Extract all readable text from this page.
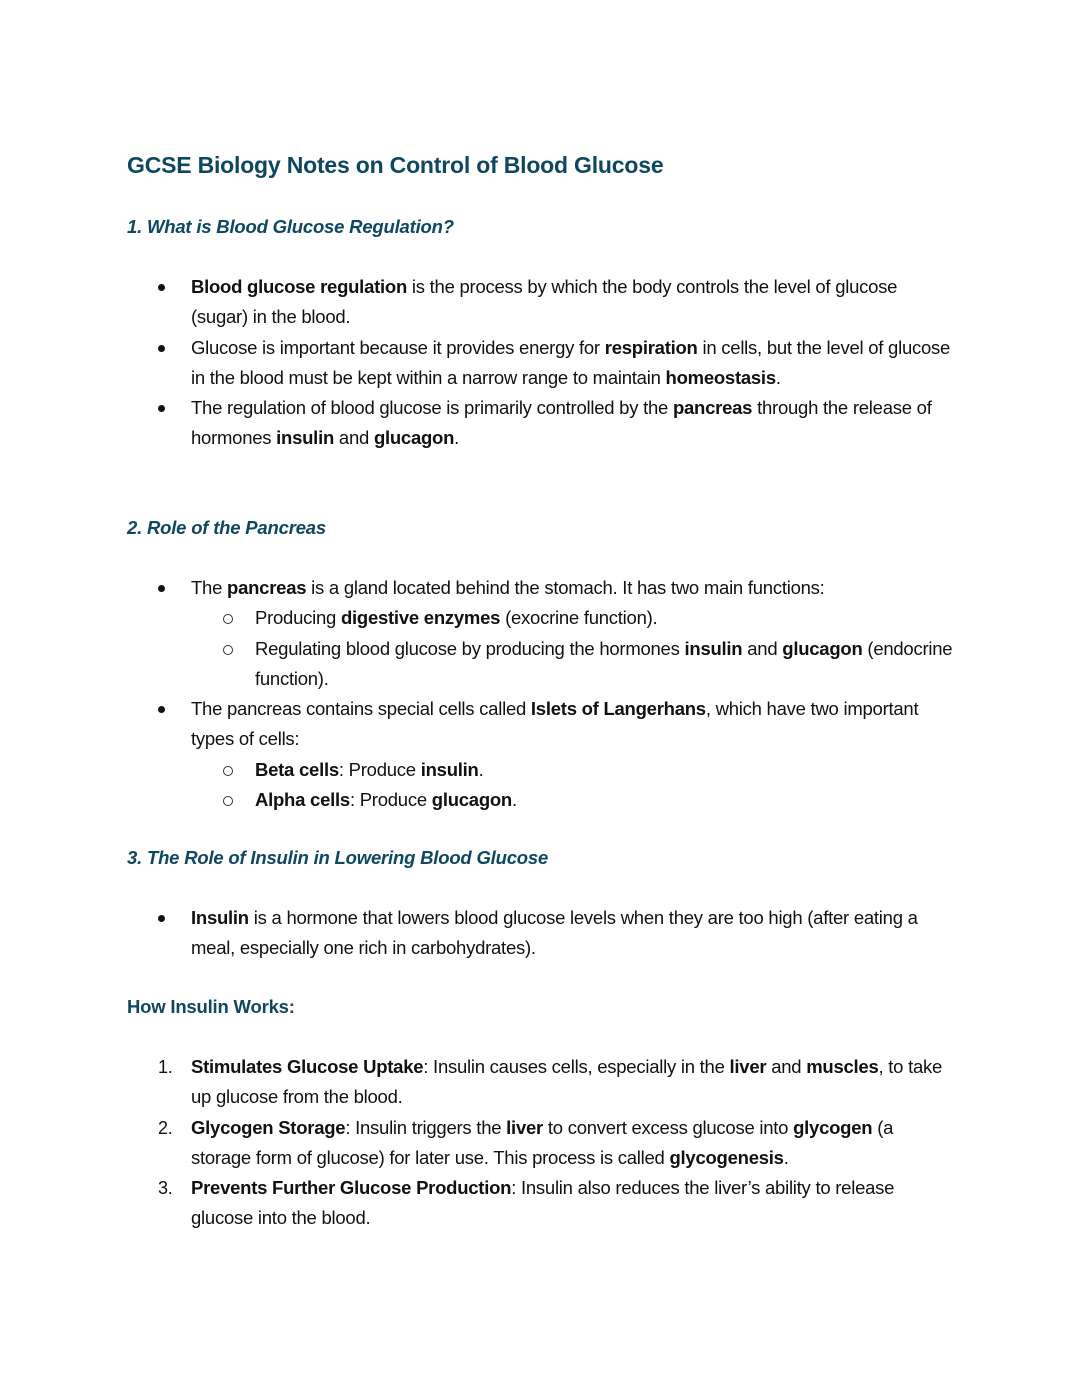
GCSE Biology Notes on Control of Blood Glucose
1. What is Blood Glucose Regulation?
Blood glucose regulation is the process by which the body controls the level of glucose (sugar) in the blood.
Glucose is important because it provides energy for respiration in cells, but the level of glucose in the blood must be kept within a narrow range to maintain homeostasis.
The regulation of blood glucose is primarily controlled by the pancreas through the release of hormones insulin and glucagon.
2. Role of the Pancreas
The pancreas is a gland located behind the stomach. It has two main functions:
Producing digestive enzymes (exocrine function).
Regulating blood glucose by producing the hormones insulin and glucagon (endocrine function).
The pancreas contains special cells called Islets of Langerhans, which have two important types of cells:
Beta cells: Produce insulin.
Alpha cells: Produce glucagon.
3. The Role of Insulin in Lowering Blood Glucose
Insulin is a hormone that lowers blood glucose levels when they are too high (after eating a meal, especially one rich in carbohydrates).
How Insulin Works:
1. Stimulates Glucose Uptake: Insulin causes cells, especially in the liver and muscles, to take up glucose from the blood.
2. Glycogen Storage: Insulin triggers the liver to convert excess glucose into glycogen (a storage form of glucose) for later use. This process is called glycogenesis.
3. Prevents Further Glucose Production: Insulin also reduces the liver’s ability to release glucose into the blood.
